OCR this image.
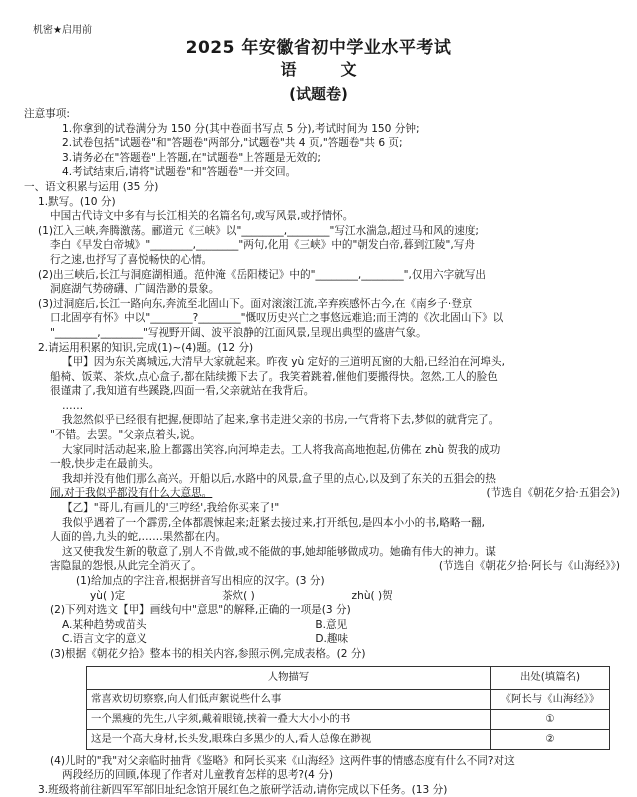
机密★启用前
2025 年安徽省初中学业水平考试
语文
(试题卷)
注意事项:
1.你拿到的试卷满分为 150 分(其中卷面书写点 5 分),考试时间为 150 分钟;
2.试卷包括"试题卷"和"答题卷"两部分,"试题卷"共 4 页,"答题卷"共 6 页;
3.请务必在"答题卷"上答题,在"试题卷"上答题是无效的;
4.考试结束后,请将"试题卷"和"答题卷"一并交回。
一、语文积累与运用 (35 分)
1.默写。(10 分)
中国古代诗文中多有与长江相关的名篇名句,或写风景,或抒情怀。
(1)江入三峡,奔腾激荡。郦道元《三峡》以"________,________"写江水湍急,超过马和风的速度;
李白《早发白帝城》"________,________"两句,化用《三峡》中的"朝发白帝,暮到江陵",写舟
行之速,也抒写了喜悦畅快的心情。
(2)出三峡后,长江与洞庭湖相通。范仲淹《岳阳楼记》中的"________,________",仅用六字就写出
洞庭湖气势磅礴、广阔浩渺的景象。
(3)过洞庭后,长江一路向东,奔流至北固山下。面对滚滚江流,辛弃疾感怀古今,在《南乡子·登京
口北固亭有怀》中以"________?________"慨叹历史兴亡之事悠远难追;而王湾的《次北固山下》以
"________,________"写视野开阔、波平浪静的江面风景,呈现出典型的盛唐气象。
2.请运用积累的知识,完成(1)~(4)题。(12 分)
【甲】因为东关离城远,大清早大家就起来。昨夜 yù 定好的三道明瓦窗的大船,已经泊在河埠头,
船椅、饭菜、茶炊,点心盒子,都在陆续搬下去了。我笑着跳着,催他们要搬得快。忽然,工人的脸色
很谨肃了,我知道有些蹊跷,四面一看,父亲就站在我背后。
……
我忽然似乎已经很有把握,便即站了起来,拿书走进父亲的书房,一气背将下去,梦似的就背完了。
"不错。去罢。"父亲点着头,说。
大家同时活动起来,脸上都露出笑容,向河埠走去。工人将我高高地抱起,仿佛在 zhù 贺我的成功
一般,快步走在最前头。
我却并没有他们那么高兴。开船以后,水路中的风景,盒子里的点心,以及到了东关的五猖会的热
闹,对于我似乎都没有什么大意思。	(节选自《朝花夕拾·五猖会》)
【乙】"哥儿,有画儿的'三哼经',我给你买来了!"
我似乎遇着了一个霹雳,全体都震悚起来;赶紧去接过来,打开纸包,是四本小小的书,略略一翻,
人面的兽,九头的蛇,……果然都在内。
这又使我发生新的敬意了,别人不肯做,或不能做的事,她却能够做成功。她确有伟大的神力。谋
害隐鼠的怨恨,从此完全消灭了。	(节选自《朝花夕拾·阿长与《山海经》》)
(1)给加点的字注音,根据拼音写出相应的汉字。(3 分)
yù( )定	茶炊( )	zhù( )贺
(2)下列对选文【甲】画线句中"意思"的解释,正确的一项是(3 分)
A.某种趋势或苗头	B.意见
C.语言文字的意义	D.趣味
(3)根据《朝花夕拾》整本书的相关内容,参照示例,完成表格。(2 分)
人物描写	出处(填篇名)
常喜欢切切察察,向人们低声絮说些什么事	《阿长与《山海经》》
一个黑瘦的先生,八字须,戴着眼镜,挟着一叠大大小小的书	①
这是一个高大身材,长头发,眼珠白多黑少的人,看人总像在渺视	②
(4)儿时的"我"对父亲临时抽背《鉴略》和阿长买来《山海经》这两件事的情感态度有什么不同?对这
两段经历的回顾,体现了作者对儿童教育怎样的思考?(4 分)
3.班级将前往新四军军部旧址纪念馆开展红色之旅研学活动,请你完成以下任务。(13 分)
